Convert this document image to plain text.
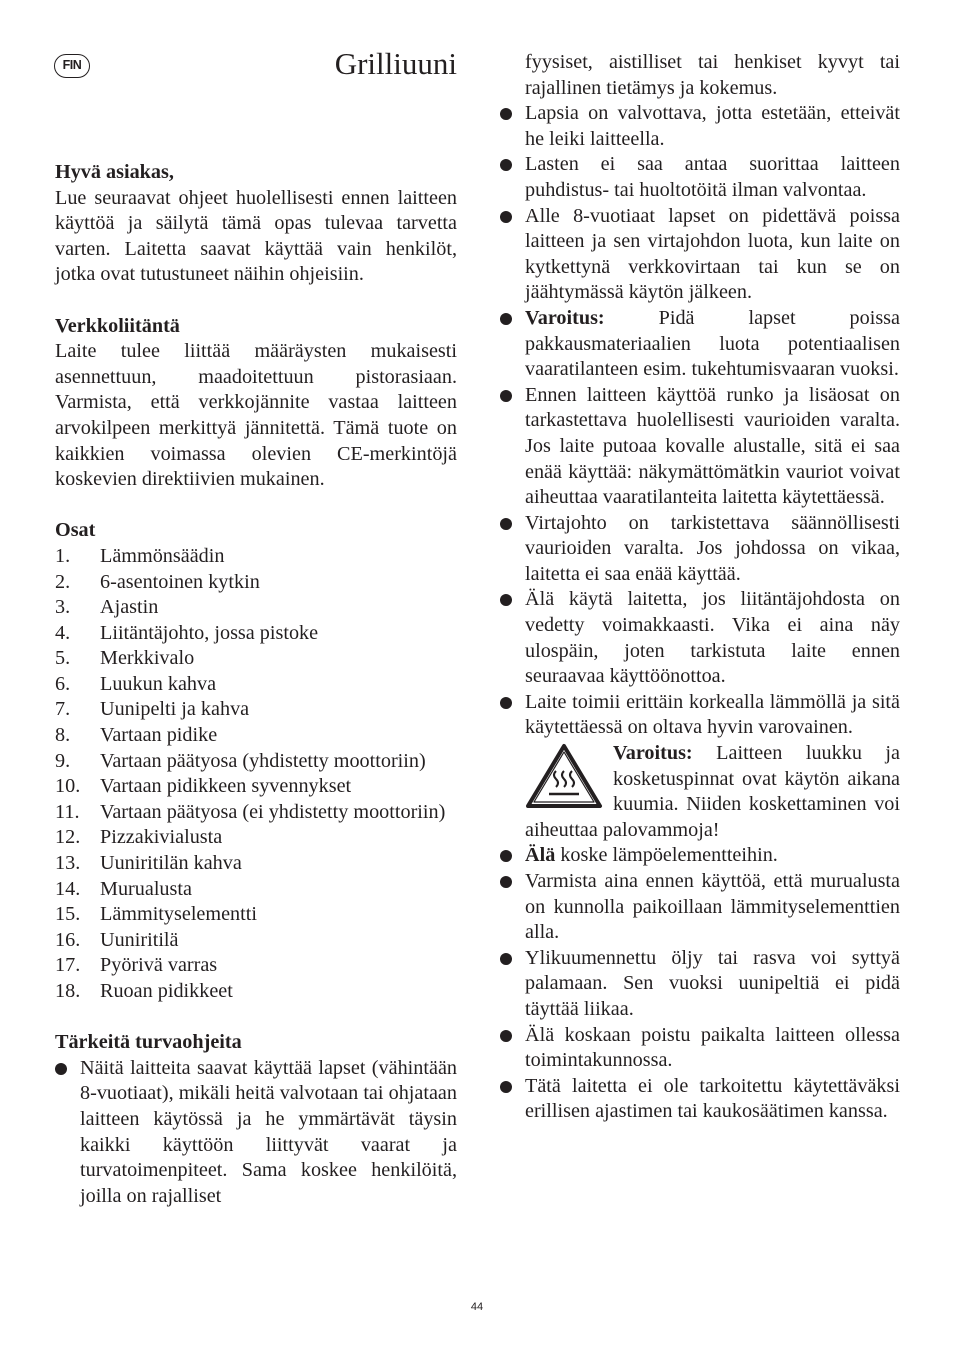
FIN	Grilliuuni

Hyvä asiakas,

Lue seuraavat ohjeet huolellisesti ennen laitteen käyttöä ja säilytä tämä opas tulevaa tarvetta varten. Laitetta saavat käyttää vain henkilöt, jotka ovat tutustuneet näihin ohjeisiin.

Verkkoliitäntä

Laite tulee liittää määräysten mukaisesti asennettuun, maadoitettuun pistorasiaan. Varmista, että verkkojännite vastaa laitteen arvokilpeen merkittyä jännitettä. Tämä tuote on kaikkien voimassa olevien CE-merkintöjä koskevien direktiivien mukainen.

Osat

1. Lämmönsäädin
2. 6-asentoinen kytkin
3. Ajastin
4. Liitäntäjohto, jossa pistoke
5. Merkkivalo
6. Luukun kahva
7. Uunipelti ja kahva
8. Vartaan pidike
9. Vartaan päätyosa (yhdistetty moottoriin)
10. Vartaan pidikkeen syvennykset
11. Vartaan päätyosa (ei yhdistetty moottoriin)
12. Pizzakivialusta
13. Uuniritilän kahva
14. Murualusta
15. Lämmityselementti
16. Uuniritilä
17. Pyörivä varras
18. Ruoan pidikkeet

Tärkeitä turvaohjeita

Näitä laitteita saavat käyttää lapset (vähintään 8-vuotiaat), mikäli heitä valvotaan tai ohjataan laitteen käytössä ja he ymmärtävät täysin kaikki käyttöön liittyvät vaarat ja turvatoimenpiteet. Sama koskee henkilöitä, joilla on rajalliset

fyysiset, aistilliset tai henkiset kyvyt tai rajallinen tietämys ja kokemus.

Lapsia on valvottava, jotta estetään, etteivät he leiki laitteella.
Lasten ei saa antaa suorittaa laitteen puhdistus- tai huoltotöitä ilman valvontaa.
Alle 8-vuotiaat lapset on pidettävä poissa laitteen ja sen virtajohdon luota, kun laite on kytkettynä verkkovirtaan tai kun se on jäähtymässä käytön jälkeen.
Varoitus: Pidä lapset poissa pakkausmateriaalien luota potentiaalisen vaaratilanteen esim. tukehtumisvaaran vuoksi.
Ennen laitteen käyttöä runko ja lisäosat on tarkastettava huolellisesti vaurioiden varalta. Jos laite putoaa kovalle alustalle, sitä ei saa enää käyttää: näkymättömätkin vauriot voivat aiheuttaa vaaratilanteita laitetta käytettäessä.
Virtajohto on tarkistettava säännöllisesti vaurioiden varalta. Jos johdossa on vikaa, laitetta ei saa enää käyttää.
Älä käytä laitetta, jos liitäntäjohdosta on vedetty voimakkaasti. Vika ei aina näy ulospäin, joten tarkistuta laite ennen seuraavaa käyttöönottoa.
Laite toimii erittäin korkealla lämmöllä ja sitä käytettäessä on oltava hyvin varovainen.
Varoitus: Laitteen luukku ja kosketuspinnat ovat käytön aikana kuumia. Niiden koskettaminen voi aiheuttaa palovammoja!
Älä koske lämpöelementteihin.
Varmista aina ennen käyttöä, että murualusta on kunnolla paikoillaan lämmityselementtien alla.
Ylikuumennettu öljy tai rasva voi syttyä palamaan. Sen vuoksi uunipeltiä ei pidä täyttää liikaa.
Älä koskaan poistu paikalta laitteen ollessa toimintakunnossa.
Tätä laitetta ei ole tarkoitettu käytettäväksi erillisen ajastimen tai kaukosäätimen kanssa.
44
